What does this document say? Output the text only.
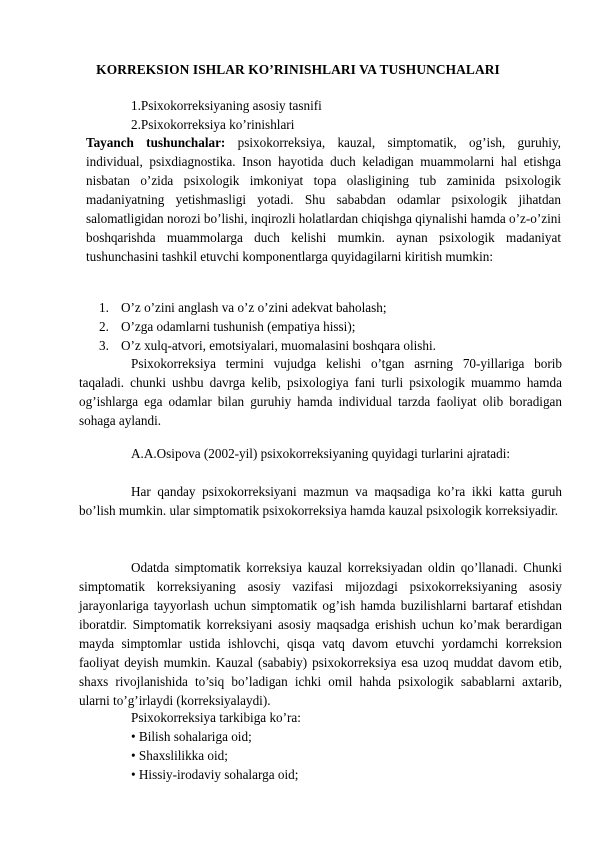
KORREKSION ISHLAR KO’RINISHLARI VA TUSHUNCHALARI
1.Psixokorreksiyaning asosiy tasnifi
2.Psixokorreksiya ko’rinishlari
Tayanch tushunchalar: psixokorreksiya, kauzal, simptomatik, og’ish, guruhiy, individual, psixdiagnostika. Inson hayotida duch keladigan muammolarni hal etishga nisbatan o’zida psixologik imkoniyat topa olasligining tub zaminida psixologik madaniyatning yetishmasligi yotadi. Shu sababdan odamlar psixologik jihatdan salomatligidan norozi bo’lishi, inqirozli holatlardan chiqishga qiynalishi hamda o’z-o’zini boshqarishda muammolarga duch kelishi mumkin. aynan psixologik madaniyat tushunchasini tashkil etuvchi komponentlarga quyidagilarni kiritish mumkin:
1. O’z o’zini anglash va o’z o’zini adekvat baholash;
2. O’zga odamlarni tushunish (empatiya hissi);
3. O’z xulq-atvori, emotsiyalari, muomalasini boshqara olishi.

Psixokorreksiya termini vujudga kelishi o’tgan asrning 70-yillariga borib taqaladi. chunki ushbu davrga kelib, psixologiya fani turli psixologik muammo hamda og’ishlarga ega odamlar bilan guruhiy hamda individual tarzda faoliyat olib boradigan sohaga aylandi.

A.A.Osipova (2002-yil) psixokorreksiyaning quyidagi turlarini ajratadi:

Har qanday psixokorreksiyani mazmun va maqsadiga ko’ra ikki katta guruh bo’lish mumkin. ular simptomatik psixokorreksiya hamda kauzal psixologik korreksiyadir.

Odatda simptomatik korreksiya kauzal korreksiyadan oldin qo’llanadi. Chunki simptomatik korreksiyaning asosiy vazifasi mijozdagi psixokorreksiyaning asosiy jarayonlariga tayyorlash uchun simptomatik og’ish hamda buzilishlarni bartaraf etishdan iboratdir. Simptomatik korreksiyani asosiy maqsadga erishish uchun ko’mak berardigan mayda simptomlar ustida ishlovchi, qisqa vatq davom etuvchi yordamchi korreksion faoliyat deyish mumkin. Kauzal (sababiy) psixokorreksiya esa uzoq muddat davom etib, shaxs rivojlanishida to’siq bo’ladigan ichki omil hahda psixologik sabablarni axtarib, ularni to’g’irlaydi (korreksiyalaydi).

Psixokorreksiya tarkibiga ko’ra:
• Bilish sohalariga oid;
• Shaxslilikka oid;
• Hissiy-irodaviy sohalarga oid;
